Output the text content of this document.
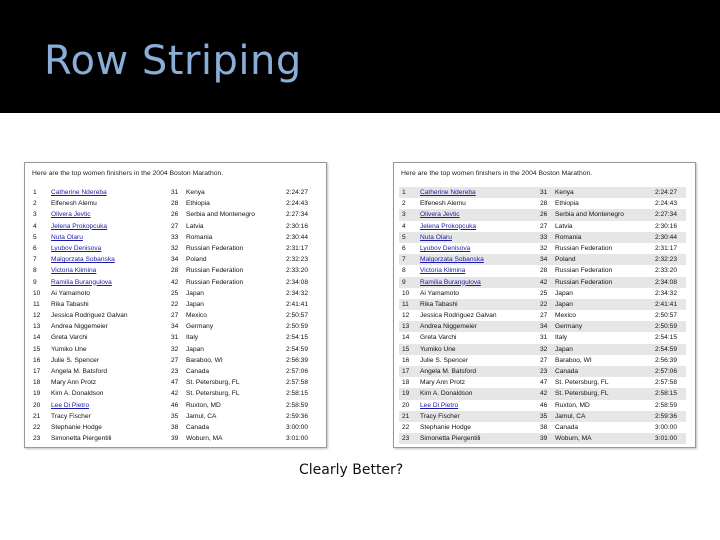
Row Striping
Here are the top women finishers in the 2004 Boston Marathon.
1 Catherine Ndereba	31 Kenya	2:24:27
2 Elfenesh Alemu	28 Ethiopia	2:24:43
3 Olivera Jevtic	26 Serbia and Montenegro	2:27:34
4 Jelena Prokopcuka	27 Latvia	2:30:16
5 Nuta Olaru	33 Romania	2:30:44
6 Lyubov Denisova	32 Russian Federation	2:31:17
7 Malgorzata Sobanska	34 Poland	2:32:23
8 Victoria Klimina	28 Russian Federation	2:33:20
9 Ramilia Burangulova	42 Russian Federation	2:34:08
10 Ai Yamamoto	25 Japan	2:34:32
11 Rika Tabashi	22 Japan	2:41:41
12 Jessica Rodriguez Galvan	27 Mexico	2:50:57
13 Andrea Niggemeier	34 Germany	2:50:59
14 Greta Varchi	31 Italy	2:54:15
15 Yumiko Une	32 Japan	2:54:59
16 Julie S. Spencer	27 Baraboo, WI	2:56:39
17 Angela M. Batsford	23 Canada	2:57:06
18 Mary Ann Protz	47 St. Petersburg, FL	2:57:58
19 Kim A. Donaldson	42 St. Petersburg, FL	2:58:15
20 Lee Di Pietro	46 Ruxton, MD	2:58:59
21 Tracy Fischer	35 Jamul, CA	2:59:36
22 Stephanie Hodge	38 Canada	3:00:00
23 Simonetta Piergentili	39 Woburn, MA	3:01:00
Here are the top women finishers in the 2004 Boston Marathon.
1 Catherine Ndereba	31 Kenya	2:24:27
2 Elfenesh Alemu	28 Ethiopia	2:24:43
3 Olivera Jevtic	26 Serbia and Montenegro	2:27:34
4 Jelena Prokopcuka	27 Latvia	2:30:16
5 Nuta Olaru	33 Romania	2:30:44
6 Lyubov Denisova	32 Russian Federation	2:31:17
7 Malgorzata Sobanska	34 Poland	2:32:23
8 Victoria Klimina	28 Russian Federation	2:33:20
9 Ramilia Burangulova	42 Russian Federation	2:34:08
10 Ai Yamamoto	25 Japan	2:34:32
11 Rika Tabashi	22 Japan	2:41:41
12 Jessica Rodriguez Galvan	27 Mexico	2:50:57
13 Andrea Niggemeier	34 Germany	2:50:59
14 Greta Varchi	31 Italy	2:54:15
15 Yumiko Une	32 Japan	2:54:59
16 Julie S. Spencer	27 Baraboo, WI	2:56:39
17 Angela M. Batsford	23 Canada	2:57:06
18 Mary Ann Protz	47 St. Petersburg, FL	2:57:58
19 Kim A. Donaldson	42 St. Petersburg, FL	2:58:15
20 Lee Di Pietro	46 Ruxton, MD	2:58:59
21 Tracy Fischer	35 Jamul, CA	2:59:36
22 Stephanie Hodge	38 Canada	3:00:00
23 Simonetta Piergentili	39 Woburn, MA	3:01:00
Clearly Better?
